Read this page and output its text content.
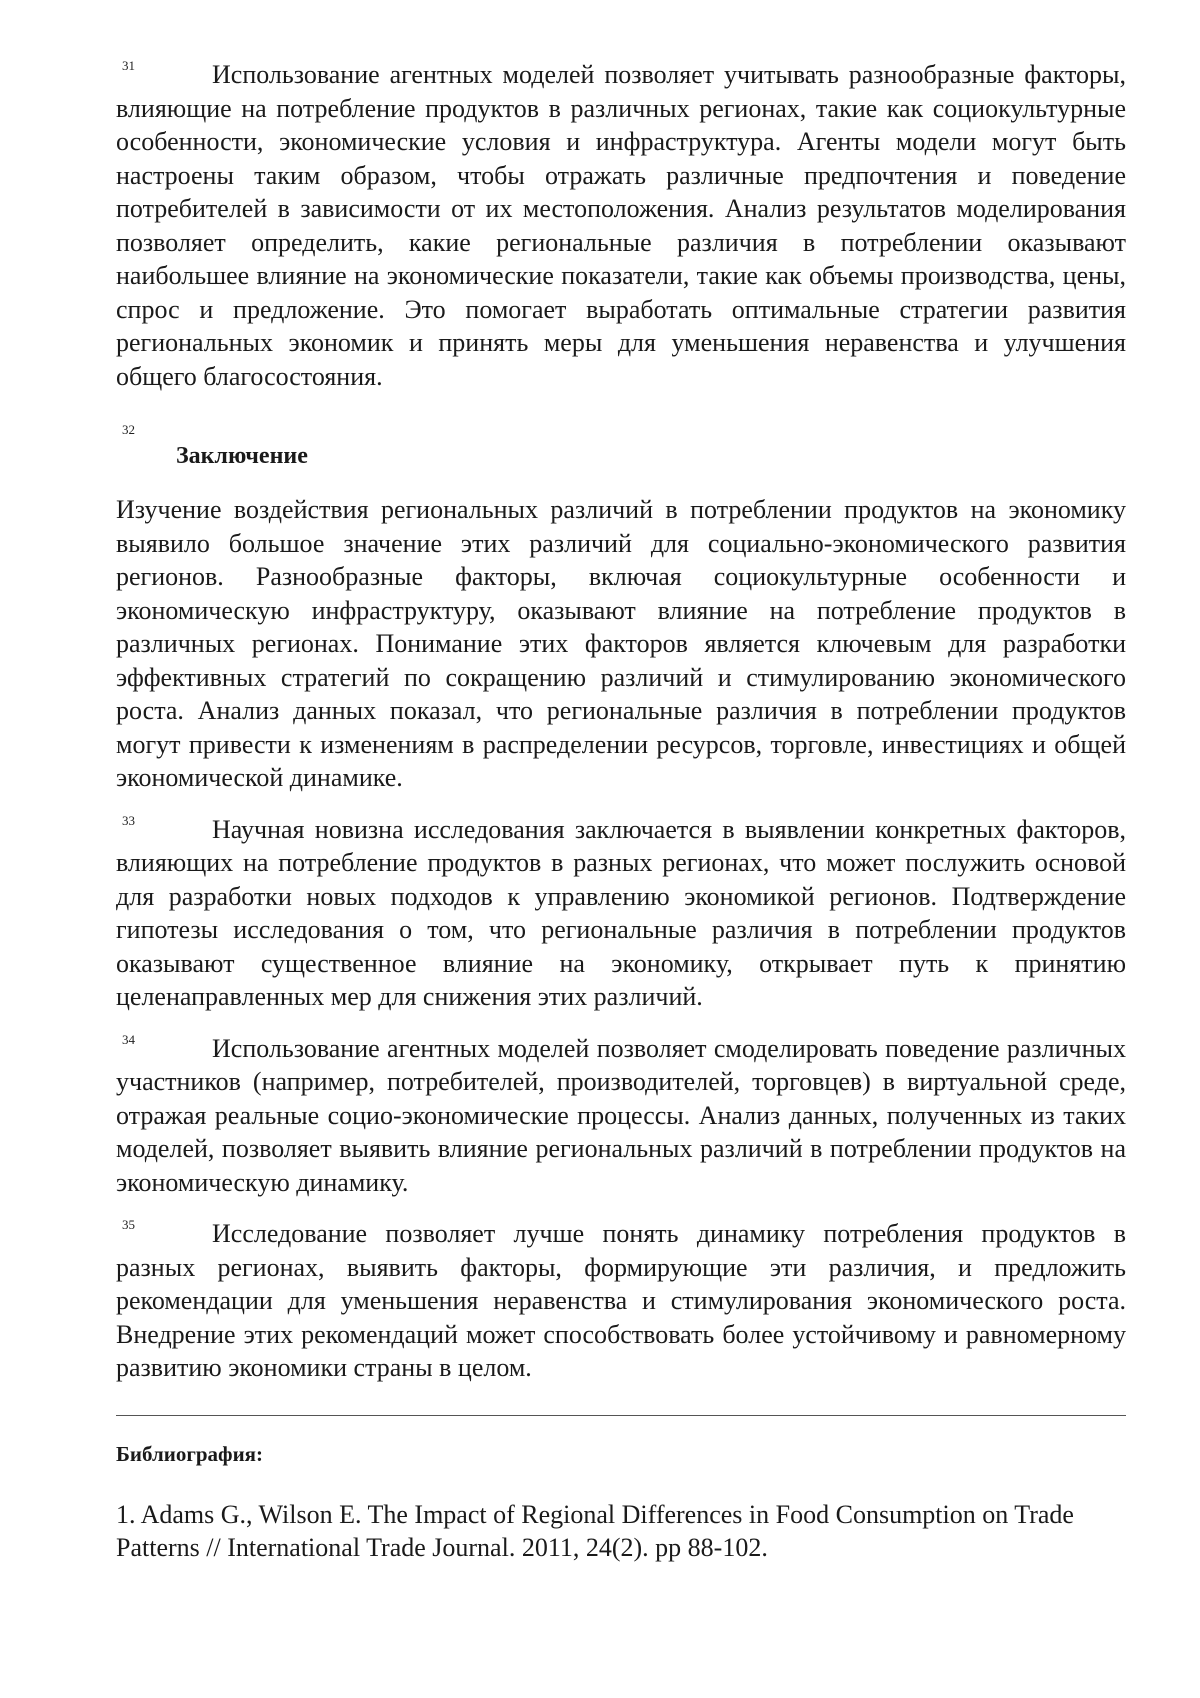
31	Использование агентных моделей позволяет учитывать разнообразные факторы, влияющие на потребление продуктов в различных регионах, такие как социокультурные особенности, экономические условия и инфраструктура. Агенты модели могут быть настроены таким образом, чтобы отражать различные предпочтения и поведение потребителей в зависимости от их местоположения. Анализ результатов моделирования позволяет определить, какие региональные различия в потреблении оказывают наибольшее влияние на экономические показатели, такие как объемы производства, цены, спрос и предложение. Это помогает выработать оптимальные стратегии развития региональных экономик и принять меры для уменьшения неравенства и улучшения общего благосостояния.

32
Заключение

Изучение воздействия региональных различий в потреблении продуктов на экономику выявило большое значение этих различий для социально-экономического развития регионов. Разнообразные факторы, включая социокультурные особенности и экономическую инфраструктуру, оказывают влияние на потребление продуктов в различных регионах. Понимание этих факторов является ключевым для разработки эффективных стратегий по сокращению различий и стимулированию экономического роста. Анализ данных показал, что региональные различия в потреблении продуктов могут привести к изменениям в распределении ресурсов, торговле, инвестициях и общей экономической динамике.

33	Научная новизна исследования заключается в выявлении конкретных факторов, влияющих на потребление продуктов в разных регионах, что может послужить основой для разработки новых подходов к управлению экономикой регионов. Подтверждение гипотезы исследования о том, что региональные различия в потреблении продуктов оказывают существенное влияние на экономику, открывает путь к принятию целенаправленных мер для снижения этих различий.

34	Использование агентных моделей позволяет смоделировать поведение различных участников (например, потребителей, производителей, торговцев) в виртуальной среде, отражая реальные социо-экономические процессы. Анализ данных, полученных из таких моделей, позволяет выявить влияние региональных различий в потреблении продуктов на экономическую динамику.

35	Исследование позволяет лучше понять динамику потребления продуктов в разных регионах, выявить факторы, формирующие эти различия, и предложить рекомендации для уменьшения неравенства и стимулирования экономического роста. Внедрение этих рекомендаций может способствовать более устойчивому и равномерному развитию экономики страны в целом.

Библиография:

1. Adams G., Wilson E. The Impact of Regional Differences in Food Consumption on Trade Patterns // International Trade Journal. 2011, 24(2). pp 88-102.
